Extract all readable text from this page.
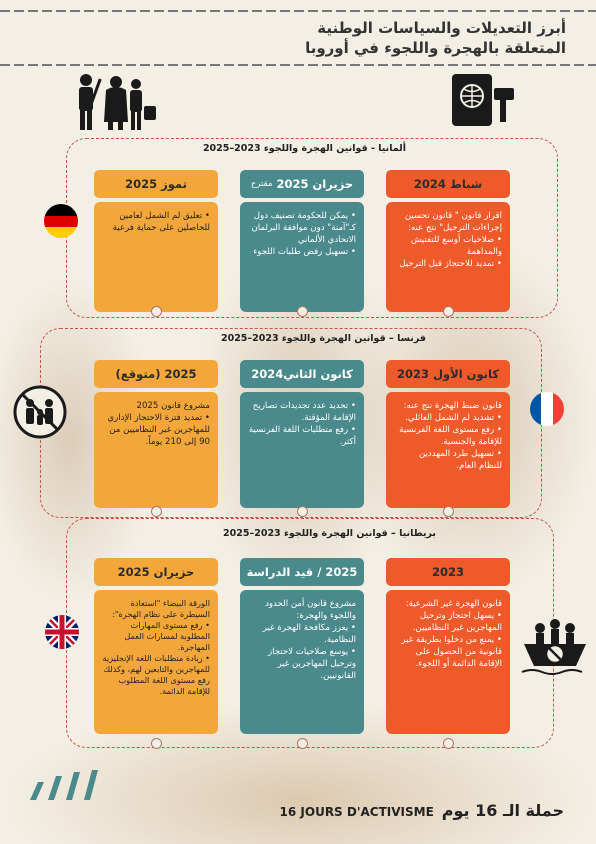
أبرز التعديلات والسياسات الوطنية
المتعلقة بالهجرة واللجوء في أوروبا
ألمانيا - قوانين الهجرة واللجوء 2023–2025
شباط 2024
اقرار قانون " قانون تحسين إجراءات الترحيل" نتج عنه:
• صلاحيات أوسع للتفتيش والمداهمة
• تمديد للاحتجاز قبل الترحيل
حزيران 2025

مقترح
• يمكن للحكومة تصنيف دول كـ"آمنة" دون موافقة البرلمان الاتحادي الألماني
• تسهيل رفض طلبات اللجوء
تموز 2025
• تعليق لم الشمل لعامين للحاصلين على حماية فرعية
فرنسا – قوانين الهجرة واللجوء 2023–2025
كانون الأول 2023
قانون ضبط الهجرة نتج عنه:
• تشديد لم الشمل العائلي.
• رفع مستوى اللغة الفرنسية للإقامة والجنسية.
• تسهيل طرد المهددين للنظام العام.
كانون الثاني2024
• تحديد عدد تجديدات تصاريح الإقامة المؤقتة.
• رفع متطلبات اللغة الفرنسية أكثر.
2025 (متوقع)
مشروع قانون 2025
• تمديد فترة الاحتجاز الإداري للمهاجرين غير النظاميين من 90 إلى 210 يوماً.
بريطانيا – قوانين الهجرة واللجوء 2023–2025
2023
قانون الهجرة غير الشرعية:
• يسهل احتجاز وترحيل المهاجرين غير النظاميين.
• يمنع من دخلوا بطريقة غير قانونية من الحصول على الإقامة الدائمة أو اللجوء.
2025 / قيد الدراسة
مشروع قانون أمن الحدود واللجوء والهجرة:
• يعزز مكافحة الهجرة غير النظامية.
• يوسع صلاحيات لاحتجاز وترحيل المهاجرين غير القانونيين.
حزيران 2025
الورقة البيضاء "استعادة السيطرة على نظام الهجرة":
• رفع مستوى المهارات المطلوبة لمسارات العمل المهاجرة.
• زيادة متطلبات اللغة الإنجليزية للمهاجرين والتابعين لهم، وكذلك رفع مستوى اللغة المطلوب للإقامة الدائمة.
حملة الـ 16 يوم16 JOURS D'ACTIVISME
